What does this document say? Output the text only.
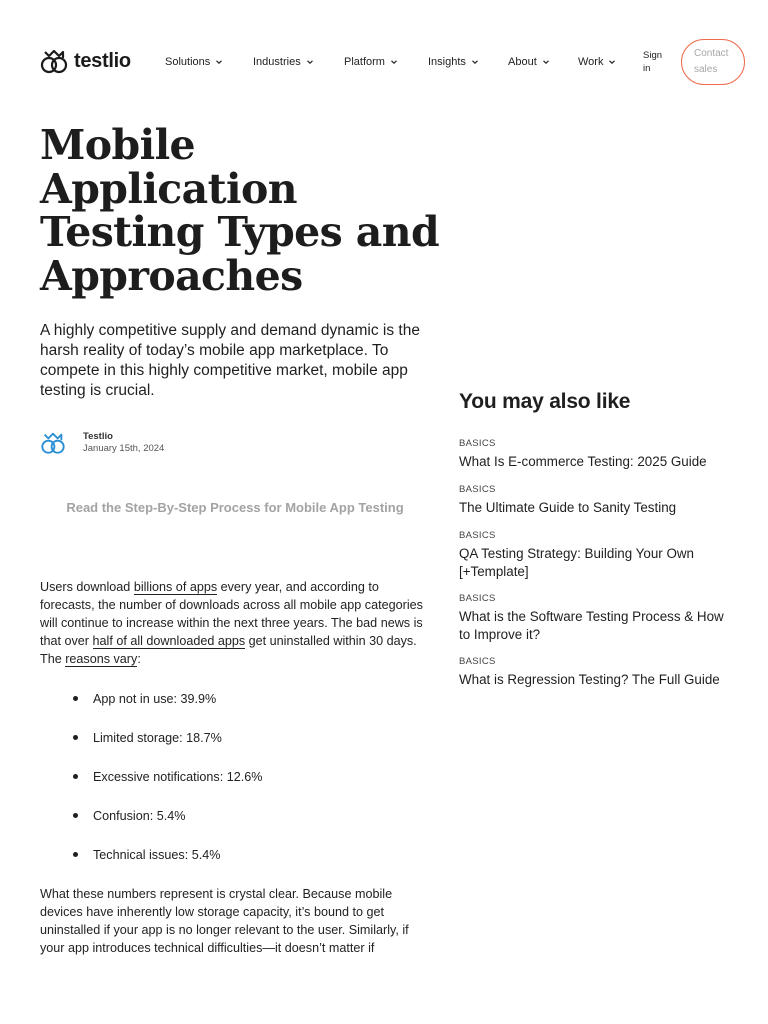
testlio	Solutions	Industries	Platform	Insights	About	Work
Sign in
Contact sales
Mobile Application Testing Types and Approaches

A highly competitive supply and demand dynamic is the harsh reality of today’s mobile app marketplace. To compete in this highly competitive market, mobile app testing is crucial.

Testlio
January 15th, 2024
Read the Step-By-Step Process for Mobile App Testing

Users download billions of apps every year, and according to forecasts, the number of downloads across all mobile app categories will continue to increase within the next three years. The bad news is that over half of all downloaded apps get uninstalled within 30 days. The reasons vary:

App not in use: 39.9%
Limited storage: 18.7%
Excessive notifications: 12.6%
Confusion: 5.4%
Technical issues: 5.4%

What these numbers represent is crystal clear. Because mobile devices have inherently low storage capacity, it’s bound to get uninstalled if your app is no longer relevant to the user. Similarly, if your app introduces technical difficulties—it doesn’t matter if

You may also like
BASICS
What Is E-commerce Testing: 2025 Guide
BASICS
The Ultimate Guide to Sanity Testing
BASICS
QA Testing Strategy: Building Your Own [+Template]
BASICS
What is the Software Testing Process & How to Improve it?
BASICS
What is Regression Testing? The Full Guide
